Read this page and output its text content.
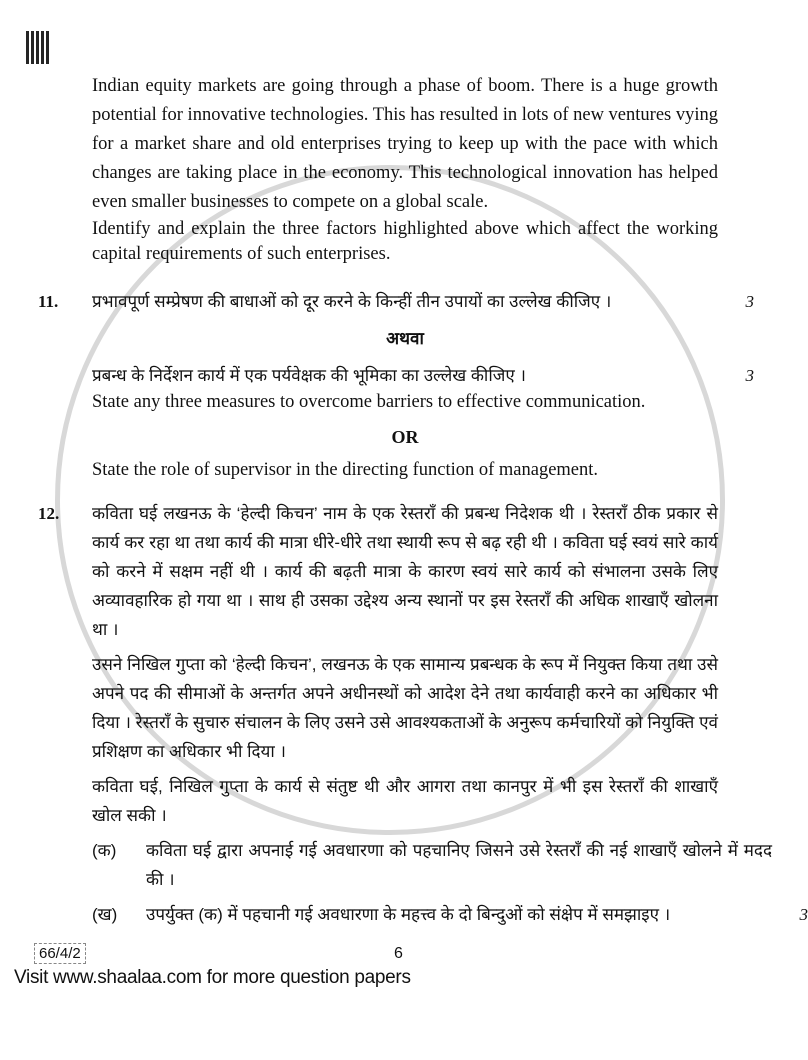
Indian equity markets are going through a phase of boom. There is a huge growth potential for innovative technologies. This has resulted in lots of new ventures vying for a market share and old enterprises trying to keep up with the pace with which changes are taking place in the economy. This technological innovation has helped even smaller businesses to compete on a global scale.
Identify and explain the three factors highlighted above which affect the working capital requirements of such enterprises.
11. प्रभावपूर्ण सम्प्रेषण की बाधाओं को दूर करने के किन्हीं तीन उपायों का उल्लेख कीजिए ।	3
अथवा
प्रबन्ध के निर्देशन कार्य में एक पर्यवेक्षक की भूमिका का उल्लेख कीजिए ।	3
State any three measures to overcome barriers to effective communication.
OR
State the role of supervisor in the directing function of management.
12. कविता घई लखनऊ के ‘हेल्दी किचन’ नाम के एक रेस्तराँ की प्रबन्ध निदेशक थी । रेस्तराँ ठीक प्रकार से कार्य कर रहा था तथा कार्य की मात्रा धीरे-धीरे तथा स्थायी रूप से बढ़ रही थी । कविता घई स्वयं सारे कार्य को करने में सक्षम नहीं थी । कार्य की बढ़ती मात्रा के कारण स्वयं सारे कार्य को संभालना उसके लिए अव्यावहारिक हो गया था । साथ ही उसका उद्देश्य अन्य स्थानों पर इस रेस्तराँ की अधिक शाखाएँ खोलना था ।
उसने निखिल गुप्ता को ‘हेल्दी किचन’, लखनऊ के एक सामान्य प्रबन्धक के रूप में नियुक्त किया तथा उसे अपने पद की सीमाओं के अन्तर्गत अपने अधीनस्थों को आदेश देने तथा कार्यवाही करने का अधिकार भी दिया । रेस्तराँ के सुचारु संचालन के लिए उसने उसे आवश्यकताओं के अनुरूप कर्मचारियों को नियुक्ति एवं प्रशिक्षण का अधिकार भी दिया ।
कविता घई, निखिल गुप्ता के कार्य से संतुष्ट थी और आगरा तथा कानपुर में भी इस रेस्तराँ की शाखाएँ खोल सकी ।
(क) कविता घई द्वारा अपनाई गई अवधारणा को पहचानिए जिसने उसे रेस्तराँ की नई शाखाएँ खोलने में मदद की ।
(ख) उपर्युक्त (क) में पहचानी गई अवधारणा के महत्त्व के दो बिन्दुओं को संक्षेप में समझाइए ।	3
66/4/2	6
Visit www.shaalaa.com for more question papers
